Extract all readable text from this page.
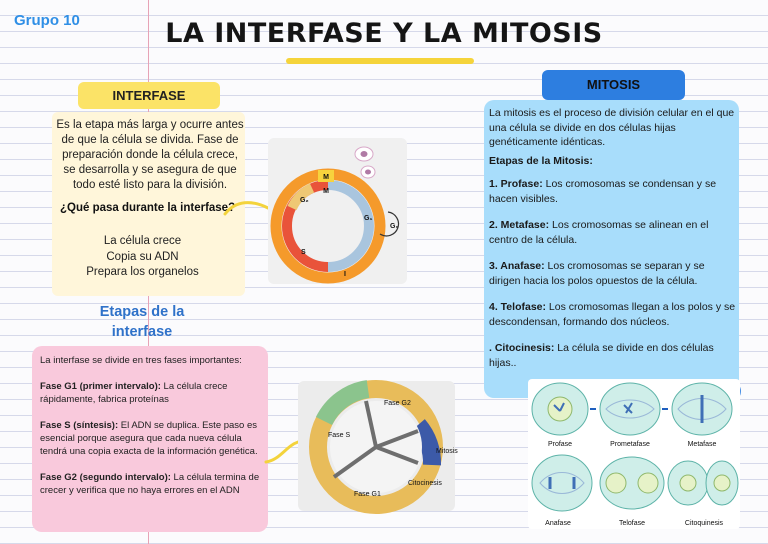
Grupo 10	LA INTERFASE Y LA MITOSIS
INTERFASE
Es la etapa más larga y ocurre antes de que la célula se divida. Fase de preparación donde la célula crece, se desarrolla y se asegura de que todo esté listo para la división.
¿Qué pasa durante la interfase?
La célula crece
Copia su ADN
Prepara los organelos
M
M
G₂
G₁
S
I
G₀
Etapas de la interfase

La interfase se divide en tres fases importantes:

Fase G1 (primer intervalo): La célula crece rápidamente, fabrica proteínas

Fase S (síntesis): El ADN se duplica. Este paso es esencial porque asegura que cada nueva célula tendrá una copia exacta de la información genética.

Fase G2 (segundo intervalo): La célula termina de crecer y verifica que no haya errores en el ADN

Fase G2
Fase G1
Fase S
Mitosis
Citocinesis
MITOSIS

La mitosis es el proceso de división celular en el que una célula se divide en dos células hijas genéticamente idénticas.

Etapas de la Mitosis:

1. Profase: Los cromosomas se condensan y se hacen visibles.

2. Metafase: Los cromosomas se alinean en el centro de la célula.

3. Anafase: Los cromosomas se separan y se dirigen hacia los polos opuestos de la célula.

4. Telofase: Los cromosomas llegan a los polos y se descondensan, formando dos núcleos.

. Citocinesis: La célula se divide en dos células hijas..

Profase	Prometafase	Metafase
Anafase	Telofase	Citoquinesis
